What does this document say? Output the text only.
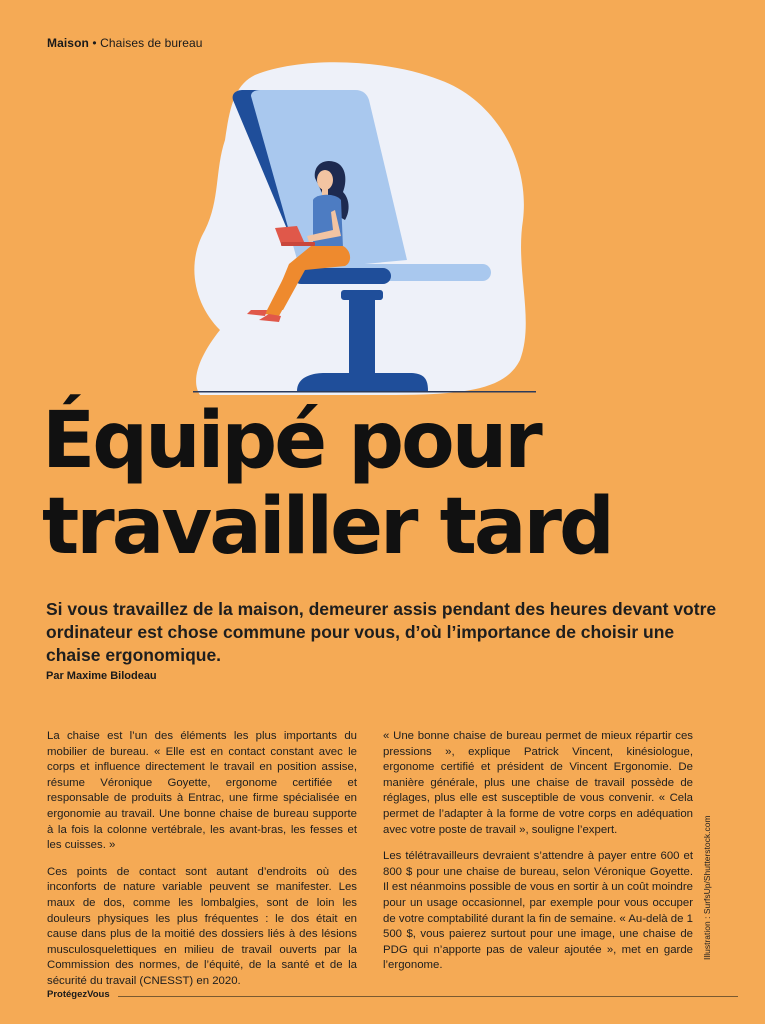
Maison • Chaises de bureau
Équipé pour
travailler tard
Si vous travaillez de la maison, demeurer assis pendant des heures devant votre ordinateur est chose commune pour vous, d’où l’importance de choisir une chaise ergonomique.
Par Maxime Bilodeau

La chaise est l’un des éléments les plus importants du mobilier de bureau. « Elle est en contact constant avec le corps et influence directement le travail en position assise, résume Véronique Goyette, ergonome certifiée et responsable de produits à Entrac, une firme spécialisée en ergonomie au travail. Une bonne chaise de bureau supporte à la fois la colonne vertébrale, les avant-bras, les fesses et les cuisses. »

Ces points de contact sont autant d’endroits où des inconforts de nature variable peuvent se manifester. Les maux de dos, comme les lombalgies, sont de loin les douleurs physiques les plus fréquentes : le dos était en cause dans plus de la moitié des dossiers liés à des lésions musculosquelettiques en milieu de travail ouverts par la Commission des normes, de l’équité, de la santé et de la sécurité du travail (CNESST) en 2020.

« Une bonne chaise de bureau permet de mieux répartir ces pressions », explique Patrick Vincent, kinésiologue, ergonome certifié et président de Vincent Ergonomie. De manière générale, plus une chaise de travail possède de réglages, plus elle est susceptible de vous convenir. « Cela permet de l’adapter à la forme de votre corps en adéquation avec votre poste de travail », souligne l’expert.

Les télétravailleurs devraient s’attendre à payer entre 600 et 800 $ pour une chaise de bureau, selon Véronique Goyette. Il est néanmoins possible de vous en sortir à un coût moindre pour un usage occasionnel, par exemple pour vous occuper de votre comptabilité durant la fin de semaine. « Au-delà de 1 500 $, vous paierez surtout pour une image, une chaise de PDG qui n’apporte pas de valeur ajoutée », met en garde l’ergonome.

Illustration : SurfsUp/Shutterstock.com
ProtégezVous
